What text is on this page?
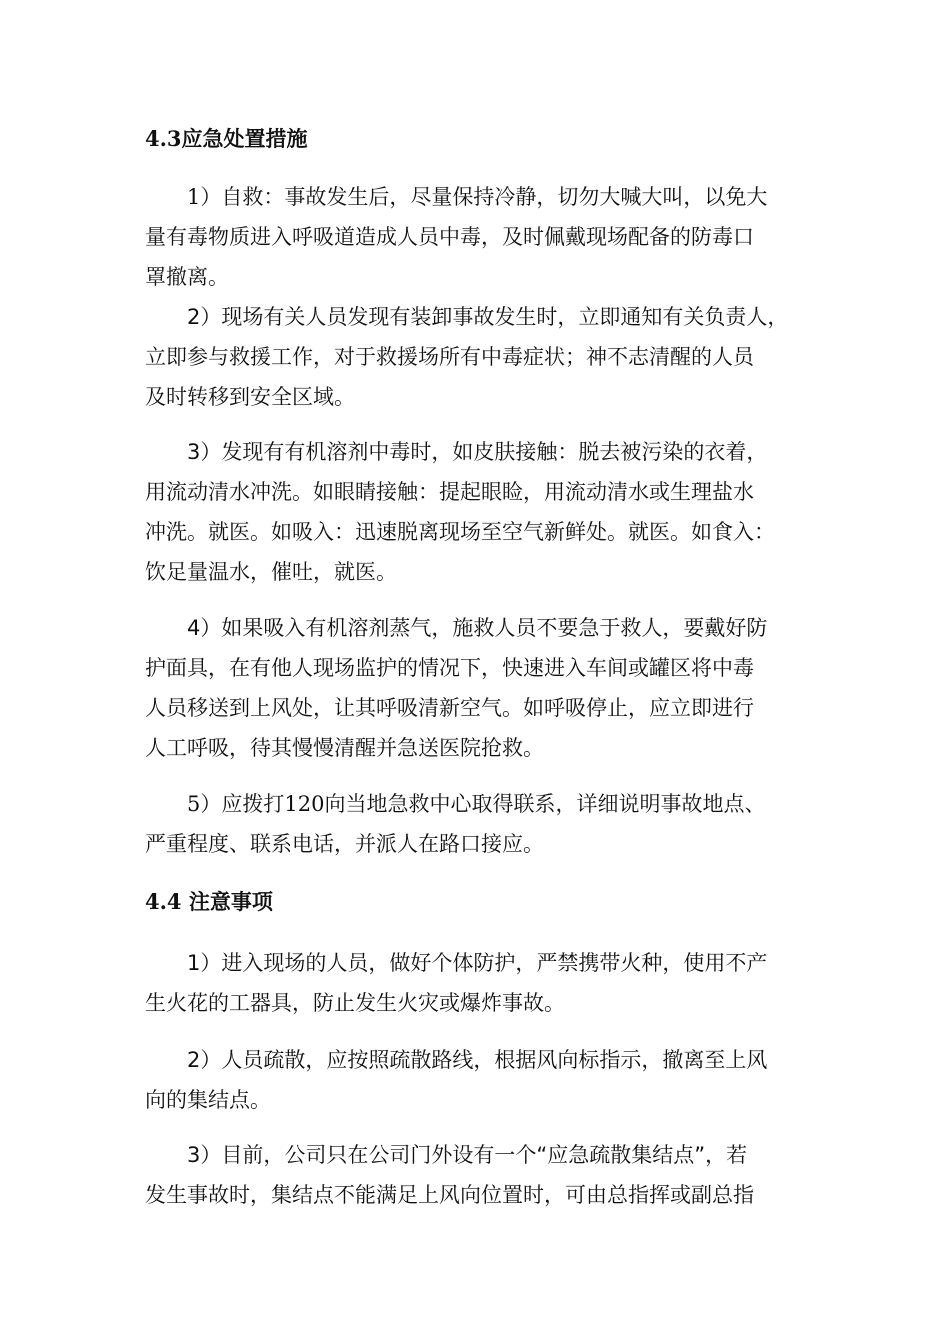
4.3应急处置措施
1）自救：事故发生后，尽量保持冷静，切勿大喊大叫，以免大
量有毒物质进入呼吸道造成人员中毒，及时佩戴现场配备的防毒口
罩撤离。
2）现场有关人员发现有装卸事故发生时，立即通知有关负责人，
立即参与救援工作，对于救援场所有中毒症状；神不志清醒的人员
及时转移到安全区域。
3）发现有有机溶剂中毒时，如皮肤接触：脱去被污染的衣着，
用流动清水冲洗。如眼睛接触：提起眼睑，用流动清水或生理盐水
冲洗。就医。如吸入：迅速脱离现场至空气新鲜处。就医。如食入：
饮足量温水，催吐，就医。
4）如果吸入有机溶剂蒸气，施救人员不要急于救人，要戴好防
护面具，在有他人现场监护的情况下，快速进入车间或罐区将中毒
人员移送到上风处，让其呼吸清新空气。如呼吸停止，应立即进行
人工呼吸，待其慢慢清醒并急送医院抢救。
5）应拨打120向当地急救中心取得联系，详细说明事故地点、
严重程度、联系电话，并派人在路口接应。
4.4 注意事项
1）进入现场的人员，做好个体防护，严禁携带火种，使用不产
生火花的工器具，防止发生火灾或爆炸事故。
2）人员疏散，应按照疏散路线，根据风向标指示，撤离至上风
向的集结点。
3）目前，公司只在公司门外设有一个“应急疏散集结点”，若
发生事故时，集结点不能满足上风向位置时，可由总指挥或副总指
